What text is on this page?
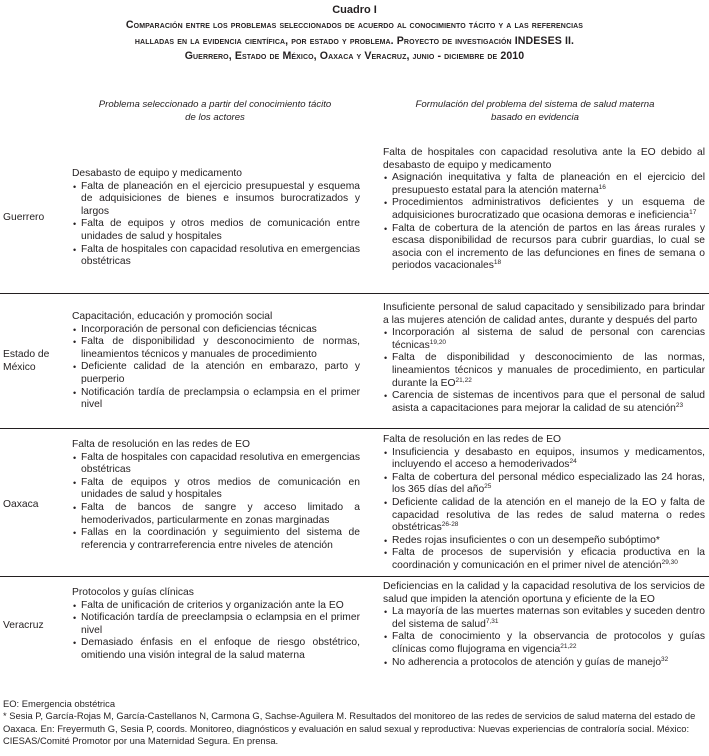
Cuadro I
Comparación entre los problemas seleccionados de acuerdo al conocimiento tácito y a las referencias
halladas en la evidencia científica, por estado y problema. Proyecto de investigación INDESES II.
Guerrero, Estado de México, Oaxaca y Veracruz, junio - diciembre de 2010
Problema seleccionado a partir del conocimiento tácito
de los actores
Formulación del problema del sistema de salud materna
basado en evidencia
Guerrero
Desabasto de equipo y medicamento
• Falta de planeación en el ejercicio presupuestal y esquema de adquisiciones de bienes e insumos burocratizados y largos
• Falta de equipos y otros medios de comunicación entre unidades de salud y hospitales
• Falta de hospitales con capacidad resolutiva en emergencias obstétricas
Falta de hospitales con capacidad resolutiva ante la EO debido al desabasto de equipo y medicamento
• Asignación inequitativa y falta de planeación en el ejercicio del presupuesto estatal para la atención materna$^{16}$
• Procedimientos administrativos deficientes y un esquema de adquisiciones burocratizado que ocasiona demoras e ineficiencia$^{17}$
• Falta de cobertura de la atención de partos en las áreas rurales y escasa disponibilidad de recursos para cubrir guardias, lo cual se asocia con el incremento de las defunciones en fines de semana o periodos vacacionales$^{18}$
Estado de
México
Capacitación, educación y promoción social
• Incorporación de personal con deficiencias técnicas
• Falta de disponibilidad y desconocimiento de normas, lineamientos técnicos y manuales de procedimiento
• Deficiente calidad de la atención en embarazo, parto y puerperio
• Notificación tardía de preclampsia o eclampsia en el primer nivel
Insuficiente personal de salud capacitado y sensibilizado para brindar a las mujeres atención de calidad antes, durante y después del parto
• Incorporación al sistema de salud de personal con carencias técnicas$^{19,20}$
• Falta de disponibilidad y desconocimiento de las normas, lineamientos técnicos y manuales de procedimiento, en particular durante la EO$^{21,22}$
• Carencia de sistemas de incentivos para que el personal de salud asista a capacitaciones para mejorar la calidad de su atención$^{23}$
Oaxaca
Falta de resolución en las redes de EO
• Falta de hospitales con capacidad resolutiva en emergencias obstétricas
• Falta de equipos y otros medios de comunicación en unidades de salud y hospitales
• Falta de bancos de sangre y acceso limitado a hemoderivados, particularmente en zonas marginadas
• Fallas en la coordinación y seguimiento del sistema de referencia y contrarreferencia entre niveles de atención
Falta de resolución en las redes de EO
• Insuficiencia y desabasto en equipos, insumos y medicamentos, incluyendo el acceso a hemoderivados$^{24}$
• Falta de cobertura del personal médico especializado las 24 horas, los 365 días del año$^{25}$
• Deficiente calidad de la atención en el manejo de la EO y falta de capacidad resolutiva de las redes de salud materna o redes obstétricas$^{26-28}$
• Redes rojas insuficientes o con un desempeño subóptimo*
• Falta de procesos de supervisión y eficacia productiva en la coordinación y comunicación en el primer nivel de atención$^{29,30}$
Veracruz
Protocolos y guías clínicas
• Falta de unificación de criterios y organización ante la EO
• Notificación tardía de preeclampsia o eclampsia en el primer nivel
• Demasiado énfasis en el enfoque de riesgo obstétrico, omitiendo una visión integral de la salud materna
Deficiencias en la calidad y la capacidad resolutiva de los servicios de salud que impiden la atención oportuna y eficiente de la EO
• La mayoría de las muertes maternas son evitables y suceden dentro del sistema de salud$^{7,31}$
• Falta de conocimiento y la observancia de protocolos y guías clínicas como flujograma en vigencia$^{21,22}$
• No adherencia a protocolos de atención y guías de manejo$^{32}$
EO: Emergencia obstétrica
* Sesia P, García-Rojas M, García-Castellanos N, Carmona G, Sachse-Aguilera M. Resultados del monitoreo de las redes de servicios de salud materna del estado de Oaxaca. En: Freyermuth G, Sesia P, coords. Monitoreo, diagnósticos y evaluación en salud sexual y reproductiva: Nuevas experiencias de contraloría social. México: CIESAS/Comité Promotor por una Maternidad Segura. En prensa.
